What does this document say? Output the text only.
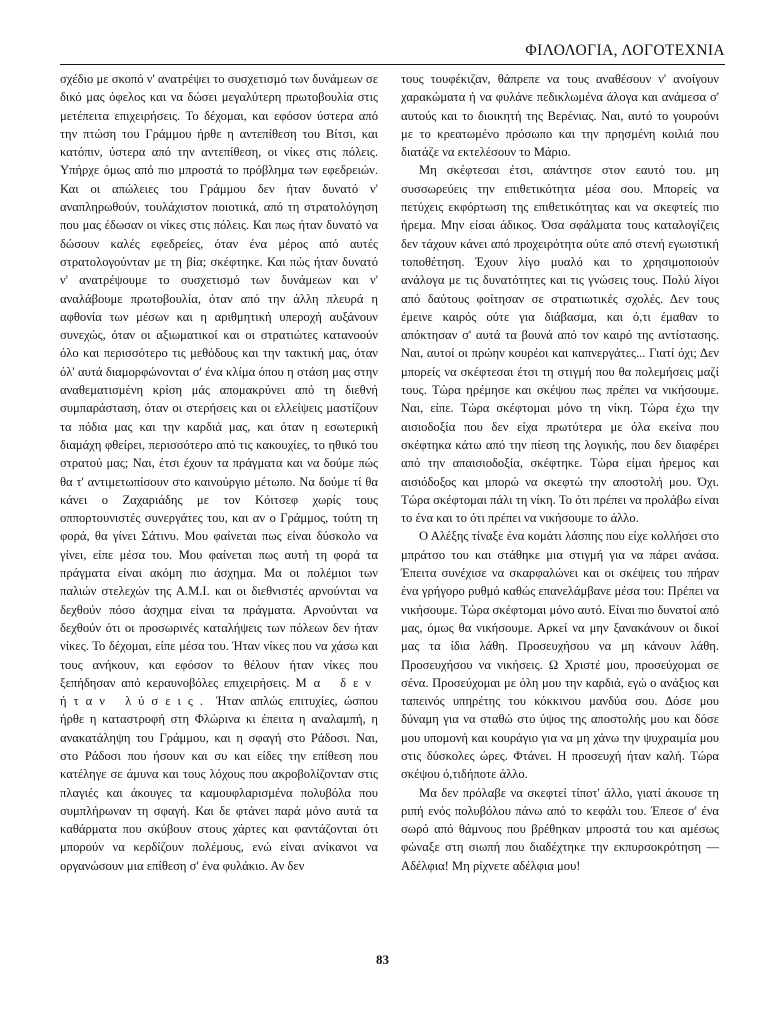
ΦΙΛΟΛΟΓΙΑ, ΛΟΓΟΤΕΧΝΙΑ

σχέδιο με σκοπό ν' ανατρέψει το συσχετισμό των δυνάμεων σε δικό μας όφελος και να δώσει μεγαλύτερη πρωτοβουλία στις μετέπειτα επιχειρήσεις. Το δέχομαι, και εφόσον ύστερα από την πτώση του Γράμμου ήρθε η αντεπίθεση του Βίτσι, και κατόπιν, ύστερα από την αντεπίθεση, οι νίκες στις πόλεις. Υπήρχε όμως από πιο μπροστά το πρόβλημα των εφεδρειών. Και οι απώλειες του Γράμμου δεν ήταν δυνατό ν' αναπληρωθούν, τουλάχιστον ποιοτικά, από τη στρατολόγηση που μας έδωσαν οι νίκες στις πόλεις. Και πως ήταν δυνατό να δώσουν καλές εφεδρείες, όταν ένα μέρος από αυτές στρατολογούνταν με τη βία; σκέφτηκε. Και πώς ήταν δυνατό ν' ανατρέψουμε το συσχετισμό των δυνάμεων και ν' αναλάβουμε πρωτοβουλία, όταν από την άλλη πλευρά η αφθονία των μέσων και η αριθμητική υπεροχή αυξάνουν συνεχώς, όταν οι αξιωματικοί και οι στρατιώτες κατανοούν όλο και περισσότερο τις μεθόδους και την τακτική μας, όταν όλ' αυτά διαμορφώνονται σ' ένα κλίμα όπου η στάση μας στην αναθεματισμένη κρίση μάς απομακρύνει από τη διεθνή συμπαράσταση, όταν οι στερήσεις και οι ελλείψεις μαστίζουν τα πόδια μας και την καρδιά μας, και όταν η εσωτερική διαμάχη φθείρει, περισσότερο από τις κακουχίες, το ηθικό του στρατού μας; Ναι, έτσι έχουν τα πράγματα και να δούμε πώς θα τ' αντιμετωπίσουν στο καινούργιο μέτωπο. Να δούμε τί θα κάνει ο Ζαχαριάδης με τον Κόιτσεφ χωρίς τους οππορτουνιστές συνεργάτες του, και αν ο Γράμμος, τούτη τη φορά, θα γίνει Σάτινυ. Μου φαίνεται πως είναι δύσκολο να γίνει, είπε μέσα του. Μου φαίνεται πως αυτή τη φορά τα πράγματα είναι ακόμη πιο άσχημα. Μα οι πολέμιοι των παλιών στελεχών της Α.Μ.Ι. και οι διεθνιστές αρνούνται να δεχθούν πόσο άσχημα είναι τα πράγματα. Αρνούνται να δεχθούν ότι οι προσωρινές καταλήψεις των πόλεων δεν ήταν νίκες. Το δέχομαι, είπε μέσα του. Ήταν νίκες που να χάσω και τους ανήκουν, και εφόσον το θέλουν ήταν νίκες που ξεπήδησαν από κεραυνοβόλες επιχειρήσεις. Μα δεν ήταν λύσεις. Ήταν απλώς επιτυχίες, ώσπου ήρθε η καταστροφή στη Φλώρινα κι έπειτα η αναλαμπή, η ανακατάληψη του Γράμμου, και η σφαγή στο Ράδοσι. Ναι, στο Ράδοσι που ήσουν και συ και είδες την επίθεση που κατέληγε σε άμυνα και τους λόχους που ακροβολίζονταν στις πλαγιές και άκουγες τα καμουφλαρισμένα πολυβόλα που συμπλήρωναν τη σφαγή. Και δε φτάνει παρά μόνο αυτά τα καθάρματα που σκύβουν στους χάρτες και φαντάζονται ότι μπορούν να κερδίζουν πολέμους, ενώ είναι ανίκανοι να οργανώσουν μια επίθεση σ' ένα φυλάκιο. Αν δεν

τους τουφέκιζαν, θάπρεπε να τους αναθέσουν ν' ανοίγουν χαρακώματα ή να φυλάνε πεδικλωμένα άλογα και ανάμεσα σ' αυτούς και το διοικητή της Βερένιας. Ναι, αυτό το γουρούνι με το κρεατωμένο πρόσωπο και την πρησμένη κοιλιά που διατάζε να εκτελέσουν το Μάριο.

Μη σκέφτεσαι έτσι, απάντησε στον εαυτό του. μη συσσωρεύεις την επιθετικότητα μέσα σου. Μπορείς να πετύχεις εκφόρτωση της επιθετικότητας και να σκεφτείς πιο ήρεμα. Μην είσαι άδικος. Όσα σφάλματα τους καταλογίζεις δεν τάχουν κάνει από προχειρότητα ούτε από στενή εγωιστική τοποθέτηση. Έχουν λίγο μυαλό και το χρησιμοποιούν ανάλογα με τις δυνατότητες και τις γνώσεις τους. Πολύ λίγοι από δαύτους φοίτησαν σε στρατιωτικές σχολές. Δεν τους έμεινε καιρός ούτε για διάβασμα, και ό,τι έμαθαν το απόκτησαν σ' αυτά τα βουνά από τον καιρό της αντίστασης. Ναι, αυτοί οι πρώην κουρέοι και καπνεργάτες... Γιατί όχι; Δεν μπορείς να σκέφτεσαι έτσι τη στιγμή που θα πολεμήσεις μαζί τους. Τώρα ηρέμησε και σκέψου πως πρέπει να νικήσουμε. Ναι, είπε. Τώρα σκέφτομαι μόνο τη νίκη. Τώρα έχω την αισιοδοξία που δεν είχα πρωτύτερα με όλα εκείνα που σκέφτηκα κάτω από την πίεση της λογικής, που δεν διαφέρει από την απαισιοδοξία, σκέφτηκε. Τώρα είμαι ήρεμος και αισιόδοξος και μπορώ να σκεφτώ την αποστολή μου. Όχι. Τώρα σκέφτομαι πάλι τη νίκη. Το ότι πρέπει να προλάβω είναι το ένα και το ότι πρέπει να νικήσουμε το άλλο.

Ο Αλέξης τίναξε ένα κομάτι λάσπης που είχε κολλήσει στο μπράτσο του και στάθηκε μια στιγμή για να πάρει ανάσα. Έπειτα συνέχισε να σκαρφαλώνει και οι σκέψεις του πήραν ένα γρήγορο ρυθμό καθώς επανελάμβανε μέσα του: Πρέπει να νικήσουμε. Τώρα σκέφτομαι μόνο αυτό. Είναι πιο δυνατοί από μας, όμως θα νικήσουμε. Αρκεί να μην ξανακάνουν οι δικοί μας τα ίδια λάθη. Προσευχήσου να μη κάνουν λάθη. Προσευχήσου να νικήσεις. Ω Χριστέ μου, προσεύχομαι σε σένα. Προσεύχομαι με όλη μου την καρδιά, εγώ ο ανάξιος και ταπεινός υπηρέτης του κόκκινου μανδύα σου. Δόσε μου δύναμη για να σταθώ στο ύψος της αποστολής μου και δόσε μου υπομονή και κουράγιο για να μη χάνω την ψυχραιμία μου στις δύσκολες ώρες. Φτάνει. Η προσευχή ήταν καλή. Τώρα σκέψου ό,τιδήποτε άλλο.

Μα δεν πρόλαβε να σκεφτεί τίποτ' άλλο, γιατί άκουσε τη ριπή ενός πολυβόλου πάνω από το κεφάλι του. Έπεσε σ' ένα σωρό από θάμνους που βρέθηκαν μπροστά του και αμέσως φώναξε στη σιωπή που διαδέχτηκε την εκπυρσοκρότηση — Αδέλφια! Μη ρίχνετε αδέλφια μου!

83
